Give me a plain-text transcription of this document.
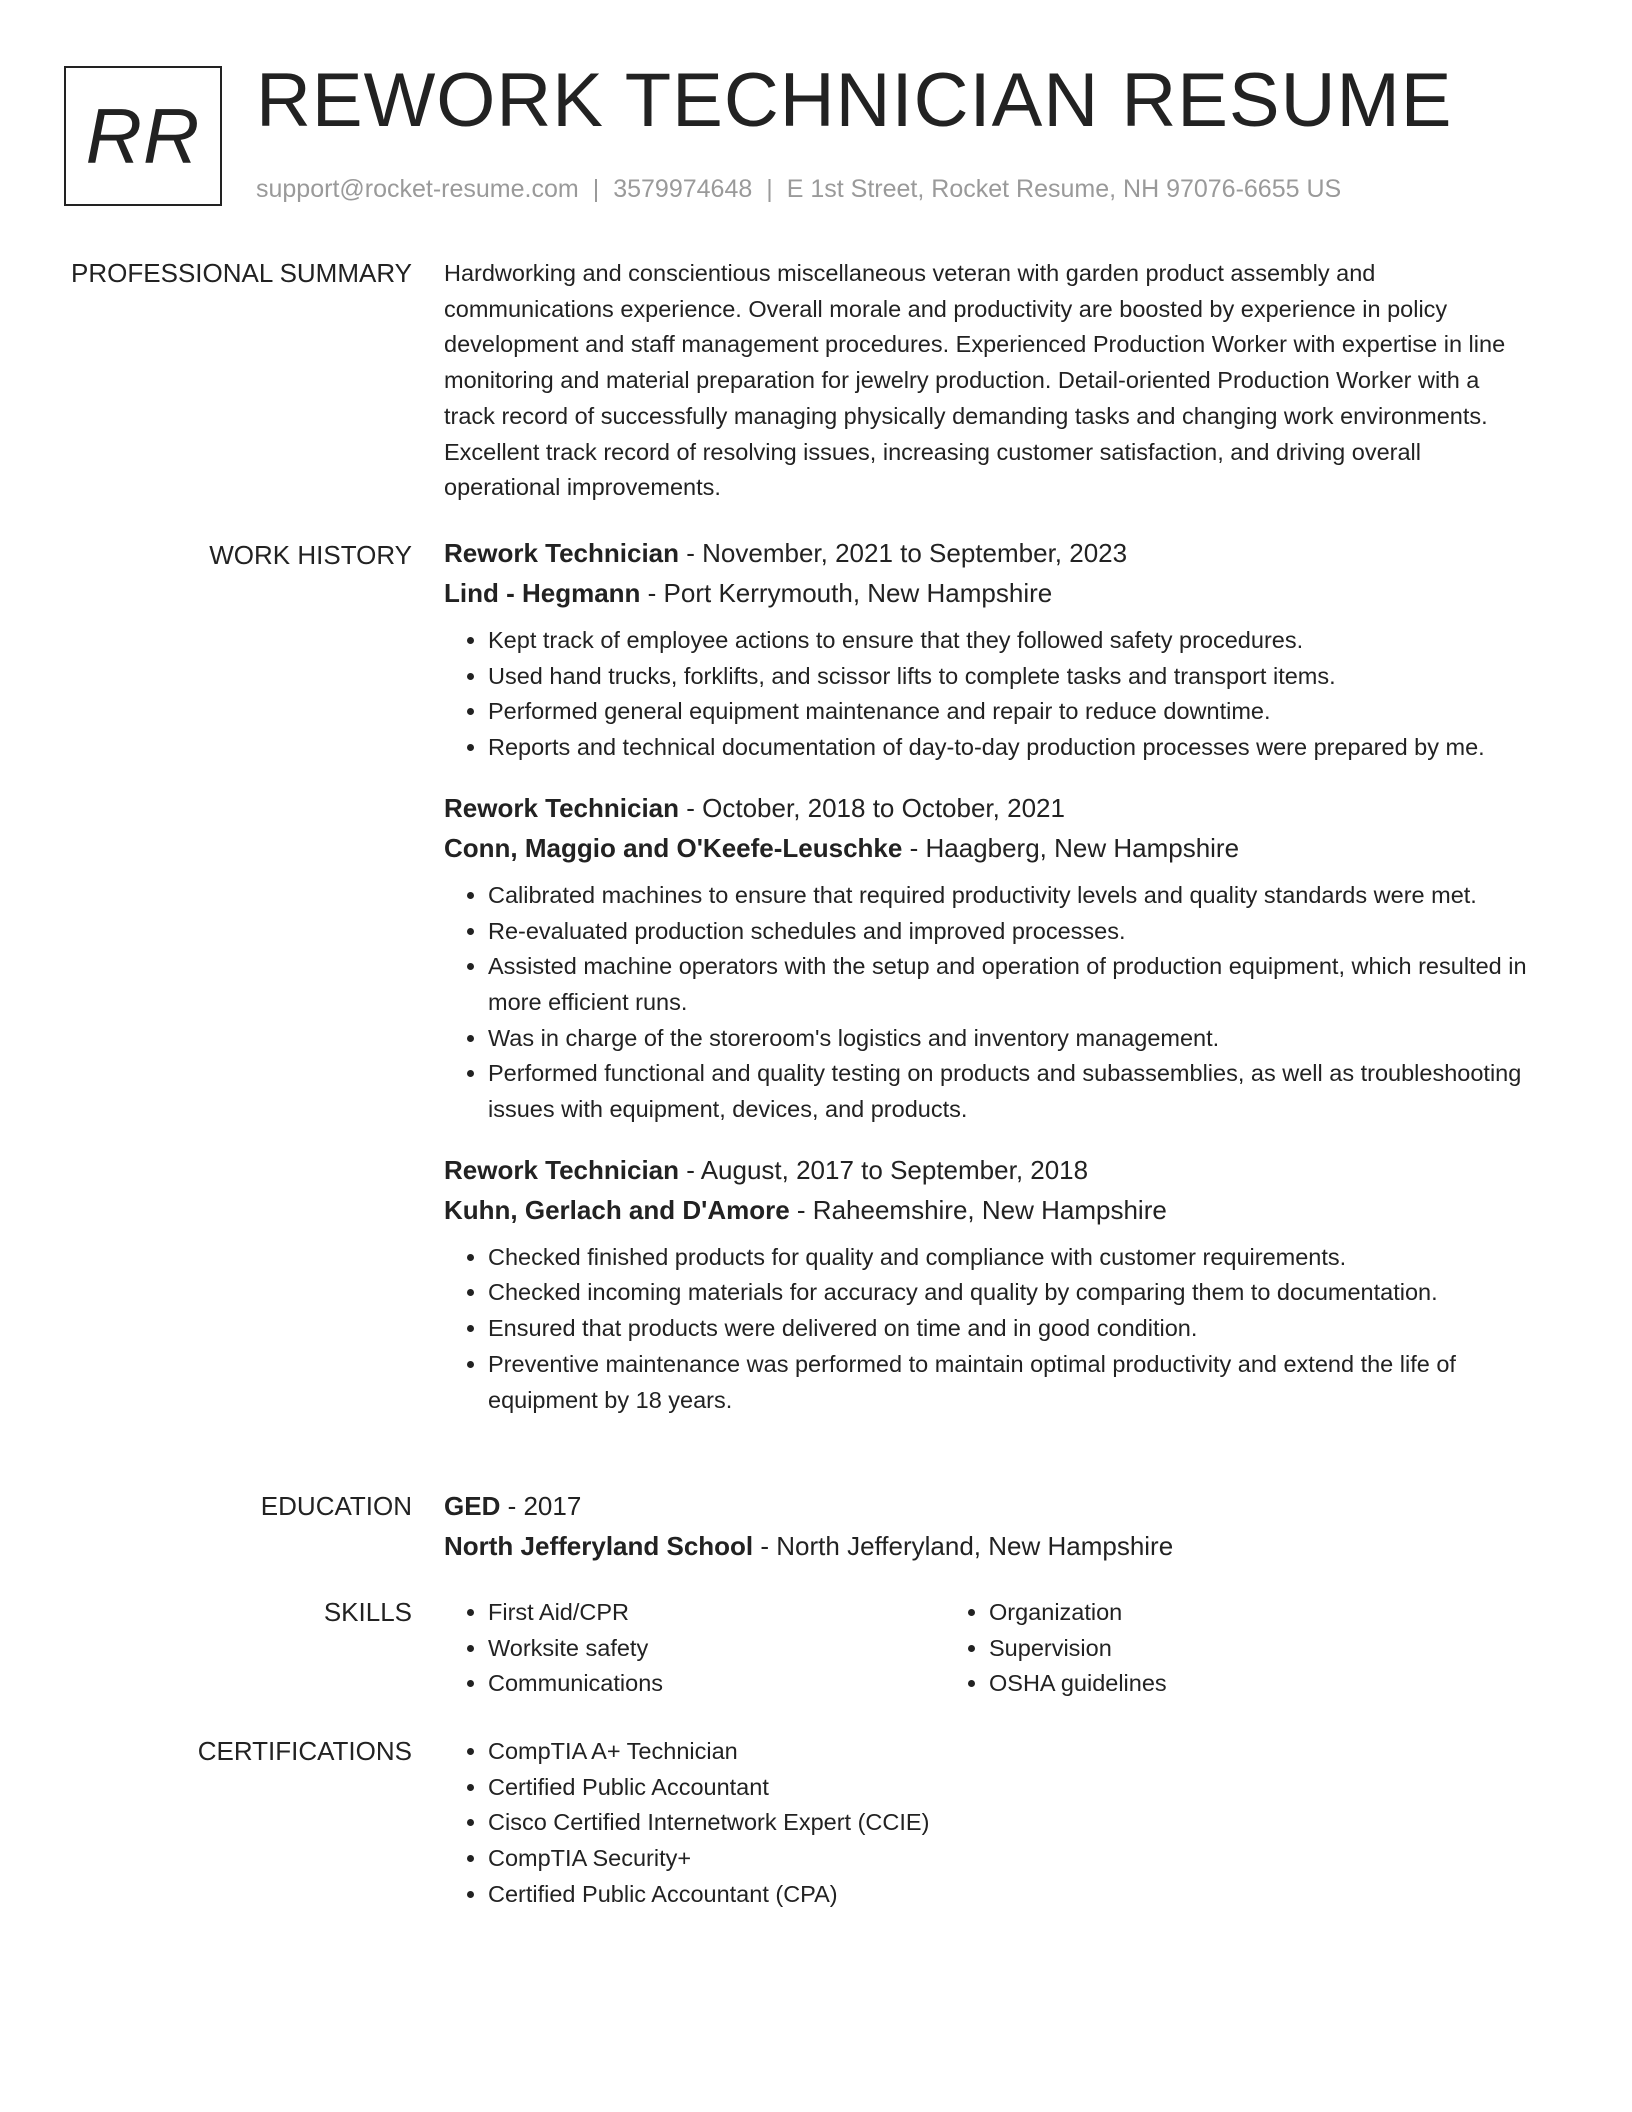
RR REWORK TECHNICIAN RESUME
support@rocket-resume.com | 3579974648 | E 1st Street, Rocket Resume, NH 97076-6655 US
PROFESSIONAL SUMMARY Hardworking and conscientious miscellaneous veteran with garden product assembly and communications experience. Overall morale and productivity are boosted by experience in policy development and staff management procedures. Experienced Production Worker with expertise in line monitoring and material preparation for jewelry production. Detail-oriented Production Worker with a track record of successfully managing physically demanding tasks and changing work environments. Excellent track record of resolving issues, increasing customer satisfaction, and driving overall operational improvements.

WORK HISTORY Rework Technician - November, 2021 to September, 2023
Lind - Hegmann - Port Kerrymouth, New Hampshire
• Kept track of employee actions to ensure that they followed safety procedures.
• Used hand trucks, forklifts, and scissor lifts to complete tasks and transport items.
• Performed general equipment maintenance and repair to reduce downtime.
• Reports and technical documentation of day-to-day production processes were prepared by me.
Rework Technician - October, 2018 to October, 2021
Conn, Maggio and O'Keefe-Leuschke - Haagberg, New Hampshire
• Calibrated machines to ensure that required productivity levels and quality standards were met.
• Re-evaluated production schedules and improved processes.
• Assisted machine operators with the setup and operation of production equipment, which resulted in more efficient runs.
• Was in charge of the storeroom's logistics and inventory management.
• Performed functional and quality testing on products and subassemblies, as well as troubleshooting issues with equipment, devices, and products.
Rework Technician - August, 2017 to September, 2018
Kuhn, Gerlach and D'Amore - Raheemshire, New Hampshire
• Checked finished products for quality and compliance with customer requirements.
• Checked incoming materials for accuracy and quality by comparing them to documentation.
• Ensured that products were delivered on time and in good condition.
• Preventive maintenance was performed to maintain optimal productivity and extend the life of equipment by 18 years.
EDUCATION GED - 2017
North Jefferyland School - North Jefferyland, New Hampshire
SKILLS	• First Aid/CPR
• Worksite safety
• Communications
• Organization
• Supervision
• OSHA guidelines
CERTIFICATIONS	• CompTIA A+ Technician
• Certified Public Accountant
• Cisco Certified Internetwork Expert (CCIE)
• CompTIA Security+
• Certified Public Accountant (CPA)
